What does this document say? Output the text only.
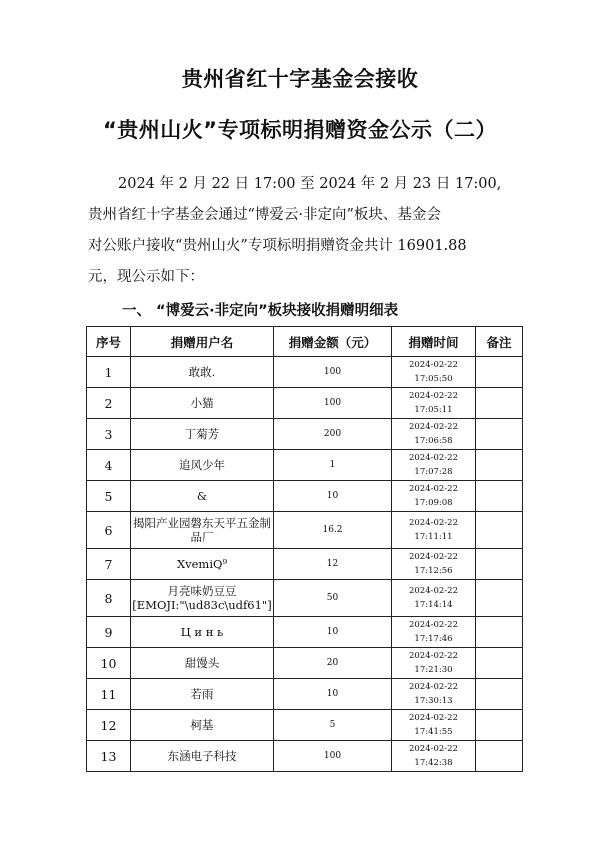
贵州省红十字基金会接收
“贵州山火”专项标明捐赠资金公示（二）
2024 年 2 月 22 日 17:00 至 2024 年 2 月 23 日 17:00,
贵州省红十字基金会通过“博爱云·非定向”板块、基金会
对公账户接收“贵州山火”专项标明捐赠资金共计 16901.88
元，现公示如下：
一、 “博爱云·非定向”板块接收捐赠明细表
序号	捐赠用户名	捐赠金额（元）	捐赠时间	备注
1	敢敢.	100	2024-02-22
17:05:50	

2	小猫	100	2024-02-22
17:05:11	

3	丁菊芳	200	2024-02-22
17:06:58	

4	追风少年	1	2024-02-22
17:07:28	

5	&	10	2024-02-22
17:09:08	

6	揭阳产业园磐东天平五金制品厂	16.2	2024-02-22
17:11:11	

7	XvemiQ⁹	12	2024-02-22
17:12:56	

8	月亮味奶豆豆[EMOJI:"\ud83c\udf61"]	50	2024-02-22
17:14:14	

9	Ц и н ь	10	2024-02-22
17:17:46	

10	甜馒头	20	2024-02-22
17:21:30	

11	若雨	10	2024-02-22
17:30:13	

12	柯基	5	2024-02-22
17:41:55	

13	东涵电子科技	100	2024-02-22
17:42:38	
